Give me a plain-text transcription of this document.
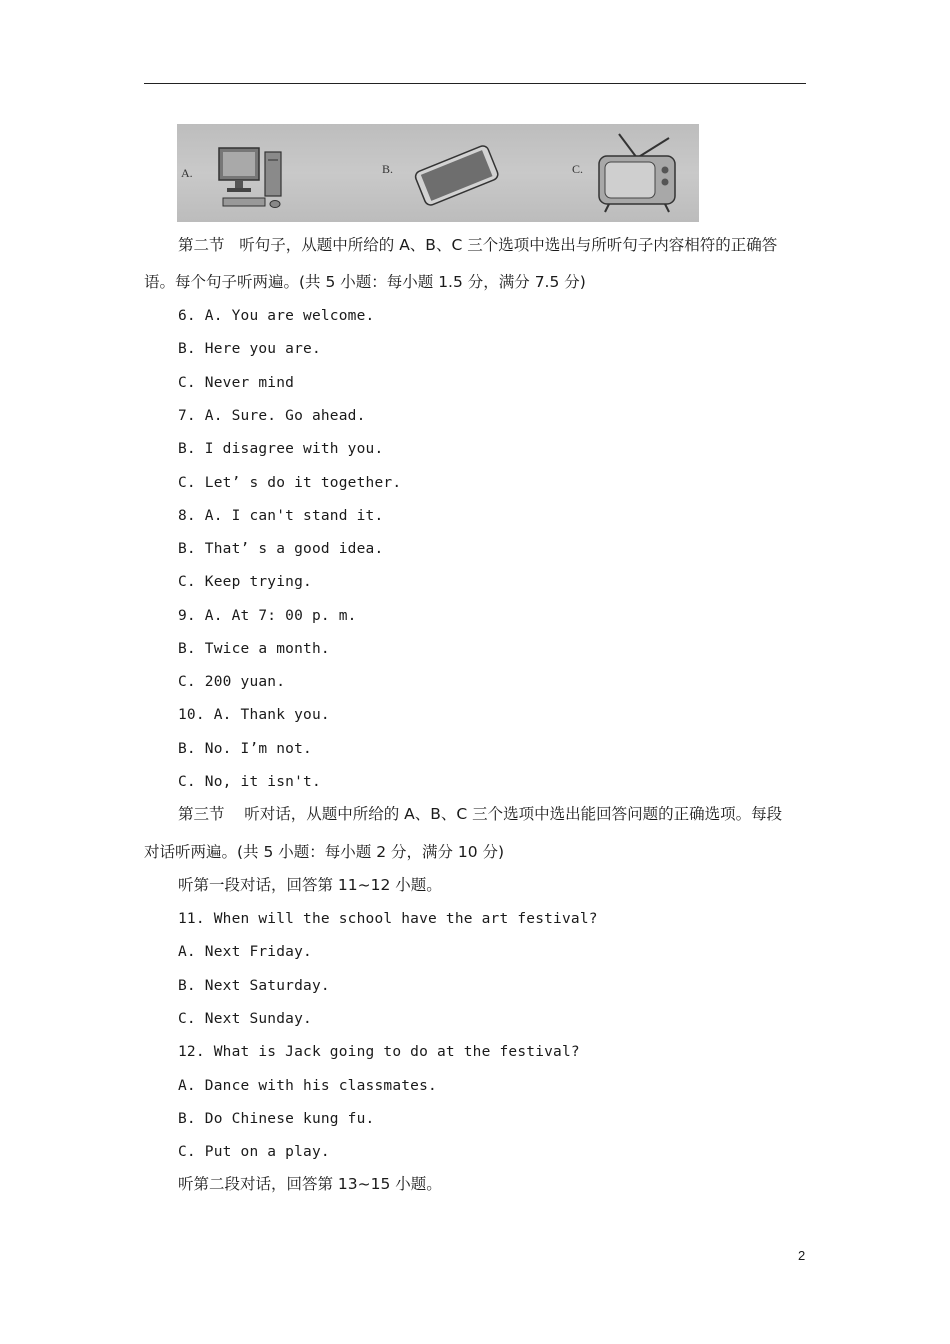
A.	B.	C.
第二节   听句子，从题中所给的 A、B、C 三个选项中选出与所听句子内容相符的正确答
语。每个句子听两遍。(共 5 小题：每小题 1.5 分，满分 7.5 分)
6. A. You are welcome.
B. Here you are.
C. Never mind
7. A. Sure. Go ahead.
B. I disagree with you.
C. Let’ s do it together.
8. A. I can't stand it.
B. That’ s a good idea.
C. Keep trying.
9. A. At 7: 00 p. m.
B. Twice a month.
C. 200 yuan.
10. A. Thank you.
B. No. I’m not.
C. No, it isn't.
第三节    听对话，从题中所给的 A、B、C 三个选项中选出能回答问题的正确选项。每段
对话听两遍。(共 5 小题：每小题 2 分，满分 10 分)
听第一段对话，回答第 11~12 小题。
11. When will the school have the art festival?
A. Next Friday.
B. Next Saturday.
C. Next Sunday.
12. What is Jack going to do at the festival?
A. Dance with his classmates.
B. Do Chinese kung fu.
C. Put on a play.
听第二段对话，回答第 13~15 小题。
2
